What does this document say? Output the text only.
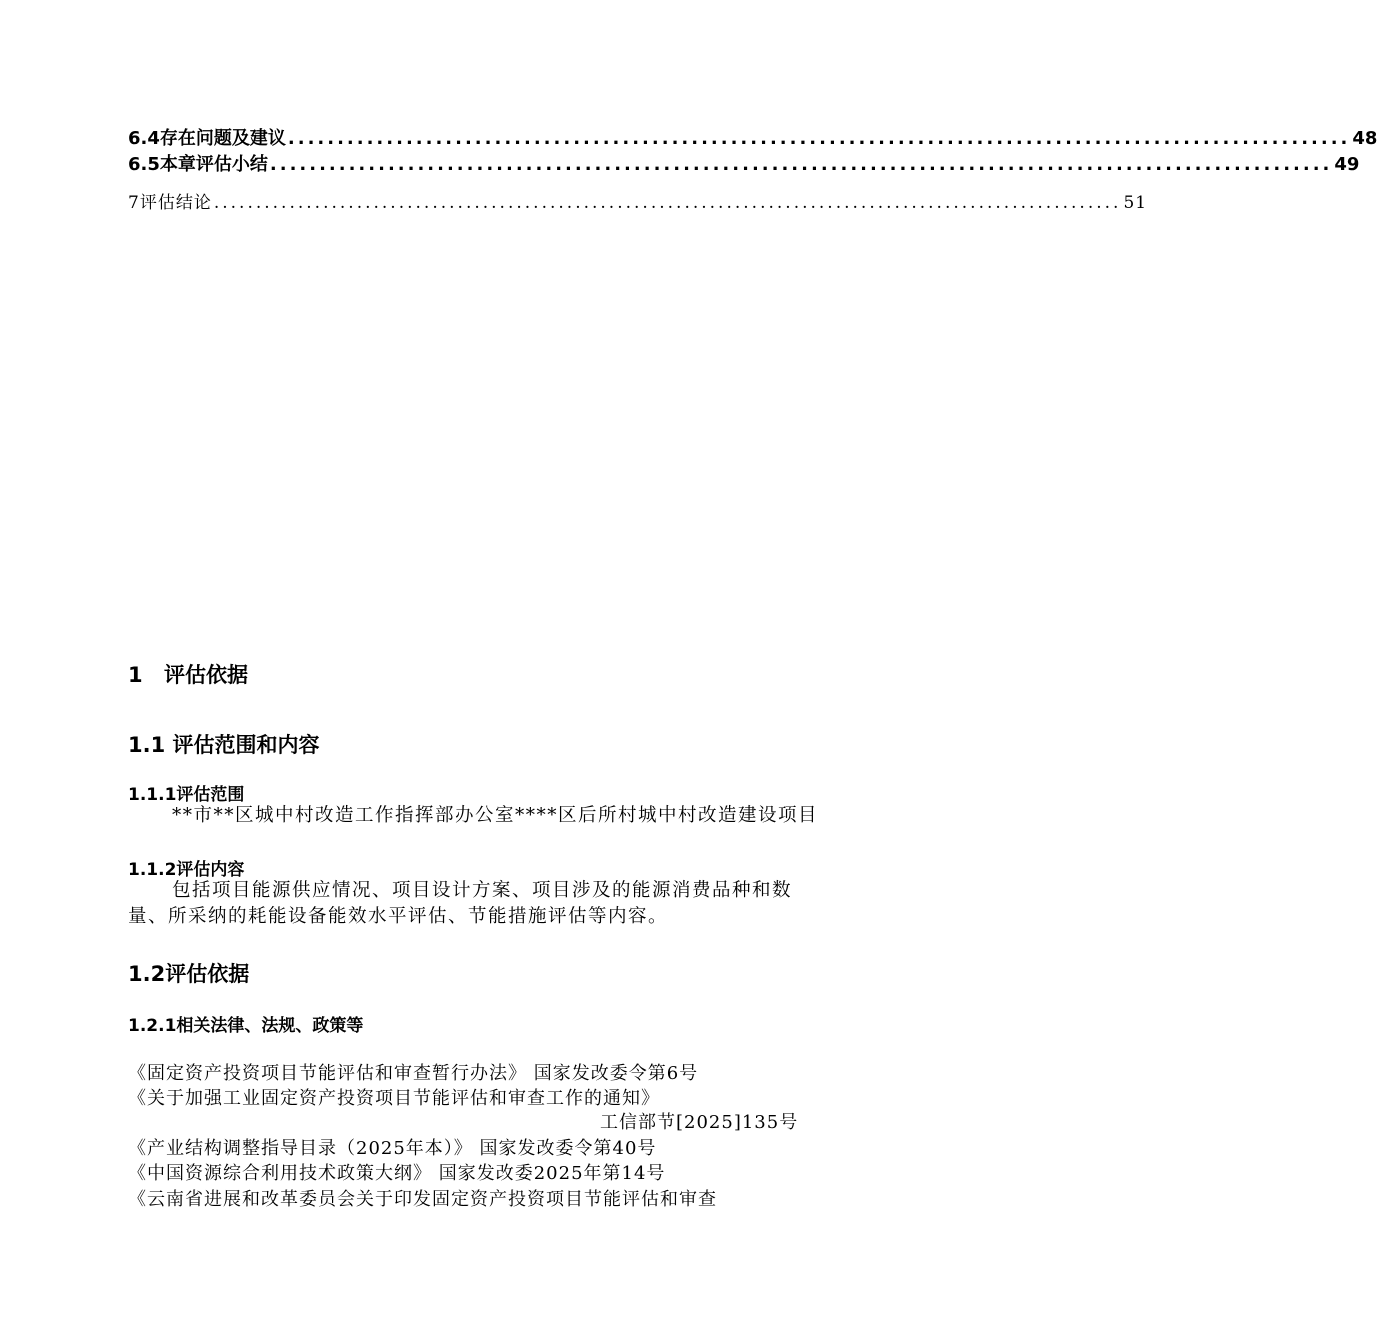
6.4存在问题及建议 ............................................................................................................ 48
6.5本章评估小结 ............................................................................................................ 49
7评估结论 ............................................................................................................ 51
1 评估依据
1.1 评估范围和内容
1.1.1评估范围

**市**区城中村改造工作指挥部办公室****区后所村城中村改造建设项目

1.1.2评估内容

包括项目能源供应情况、项目设计方案、项目涉及的能源消费品种和数量、所采纳的耗能设备能效水平评估、节能措施评估等内容。

1.2评估依据
1.2.1相关法律、法规、政策等
《固定资产投资项目节能评估和审查暂行办法》 国家发改委令第6号
《关于加强工业固定资产投资项目节能评估和审查工作的通知》
工信部节[2025]135号
《产业结构调整指导目录（2025年本）》 国家发改委令第40号
《中国资源综合利用技术政策大纲》 国家发改委2025年第14号
《云南省进展和改革委员会关于印发固定资产投资项目节能评估和审查
